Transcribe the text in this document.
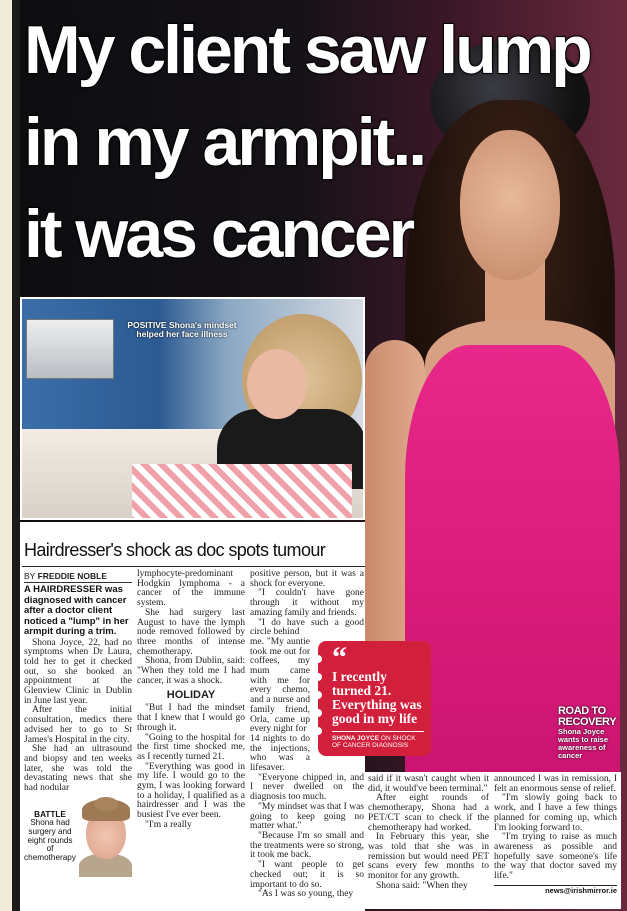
My client saw lump
in my armpit..
it was cancer
POSITIVE Shona's mindset helped her face illness
ROAD TO RECOVERY
Shona Joyce wants to raise awareness of cancer
Hairdresser's shock as doc spots tumour
BY FREDDIE NOBLE
A HAIRDRESSER was diagnosed with cancer after a doctor client noticed a "lump" in her armpit during a trim.

Shona Joyce, 22, had no symptoms when Dr Laura, told her to get it checked out, so she booked an appointment at the Glenview Clinic in Dublin in June last year.

After the initial consultation, medics there advised her to go to St James's Hospital in the city.

She had an ultrasound and biopsy and ten weeks later, she was told the devastating news that she had nodular

BATTLE Shona had surgery and eight rounds of chemotherapy

lymphocyte-predominant Hodgkin lymphoma - a cancer of the immune system.

She had surgery last August to have the lymph node removed followed by three months of intense chemotherapy.

Shona, from Dublin, said: "When they told me I had cancer, it was a shock.

HOLIDAY

"But I had the mindset that I knew that I would go through it.

"Going to the hospital for the first time shocked me, as I recently turned 21.

"Everything was good in my life. I would go to the gym, I was looking forward to a holiday, I qualified as a hairdresser and I was the busiest I've ever been.

"I'm a really

positive person, but it was a shock for everyone.

"I couldn't have gone through it without my amazing family and friends.

"I do have such a good circle behind

“
I recently turned 21. Everything was good in my life
SHONA JOYCE ON SHOCK OF CANCER DIAGNOSIS

me. "My auntie took me out for coffees, my mum came with me for every chemo, and a nurse and family friend, Orla, came up every night for

14 nights to do the injections, who was a lifesaver.

"Everyone chipped in, and I never dwelled on the diagnosis too much.

"My mindset was that I was going to keep going no matter what."

"Because I'm so small and the treatments were so strong, it took me back.

"I want people to get checked out; it is so important to do so.

"As I was so young, they

said if it wasn't caught when it did, it would've been terminal."

After eight rounds of chemotherapy, Shona had a PET/CT scan to check if the chemotherapy had worked.

In February this year, she was told that she was in remission but would need PET scans every few months to monitor for any growth.

Shona said: "When they

announced I was in remission, I felt an enormous sense of relief.

"I'm slowly going back to work, and I have a few things planned for coming up, which I'm looking forward to.

"I'm trying to raise as much awareness as possible and hopefully save someone's life the way that doctor saved my life."

news@irishmirror.ie
